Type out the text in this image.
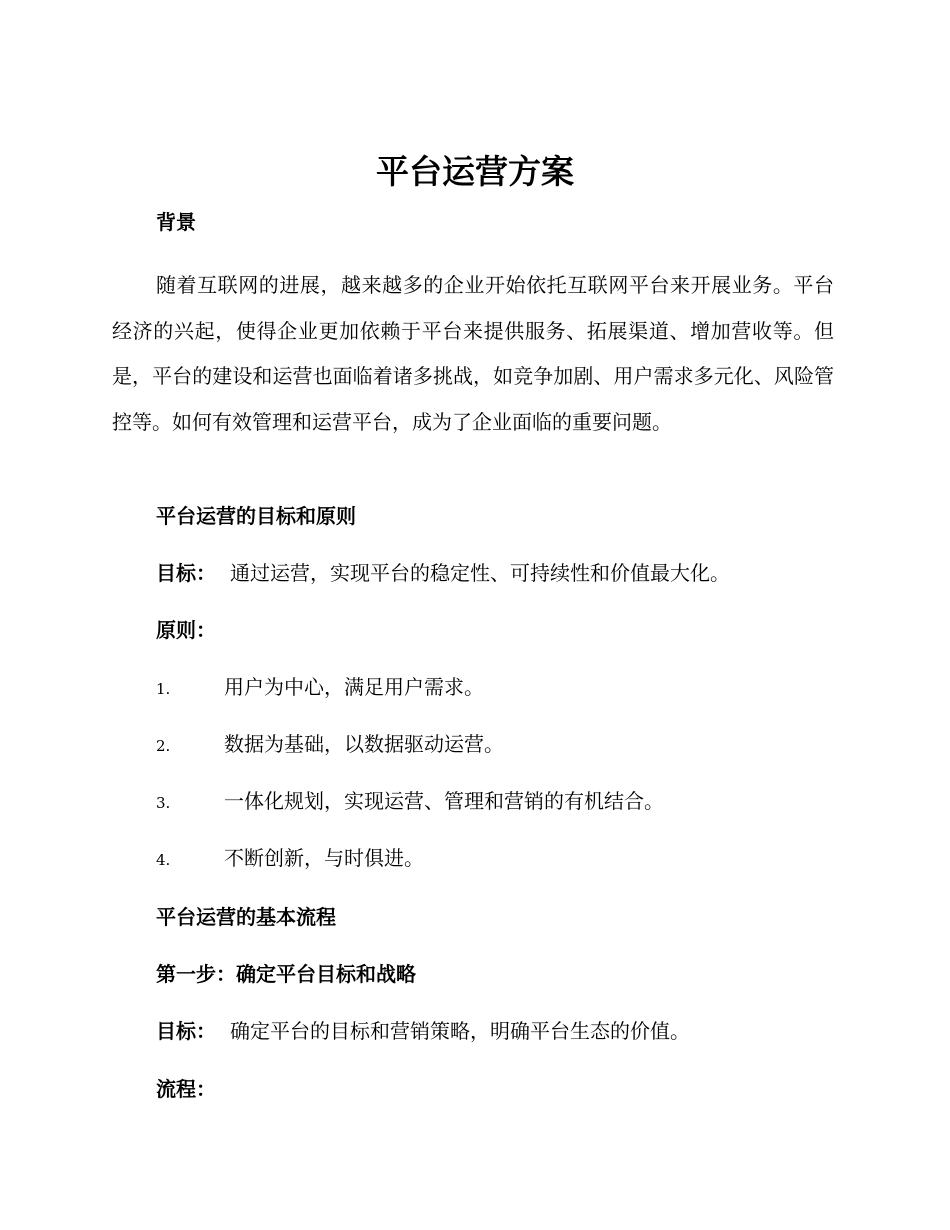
平台运营方案
背景

随着互联网的进展，越来越多的企业开始依托互联网平台来开展业务。平台经济的兴起，使得企业更加依赖于平台来提供服务、拓展渠道、增加营收等。但是，平台的建设和运营也面临着诸多挑战，如竞争加剧、用户需求多元化、风险管控等。如何有效管理和运营平台，成为了企业面临的重要问题。

平台运营的目标和原则
目标： 通过运营，实现平台的稳定性、可持续性和价值最大化。
原则：
1.	用户为中心，满足用户需求。
2.	数据为基础，以数据驱动运营。
3.	一体化规划，实现运营、管理和营销的有机结合。
4.	不断创新，与时俱进。
平台运营的基本流程
第一步：确定平台目标和战略
目标： 确定平台的目标和营销策略，明确平台生态的价值。
流程：
